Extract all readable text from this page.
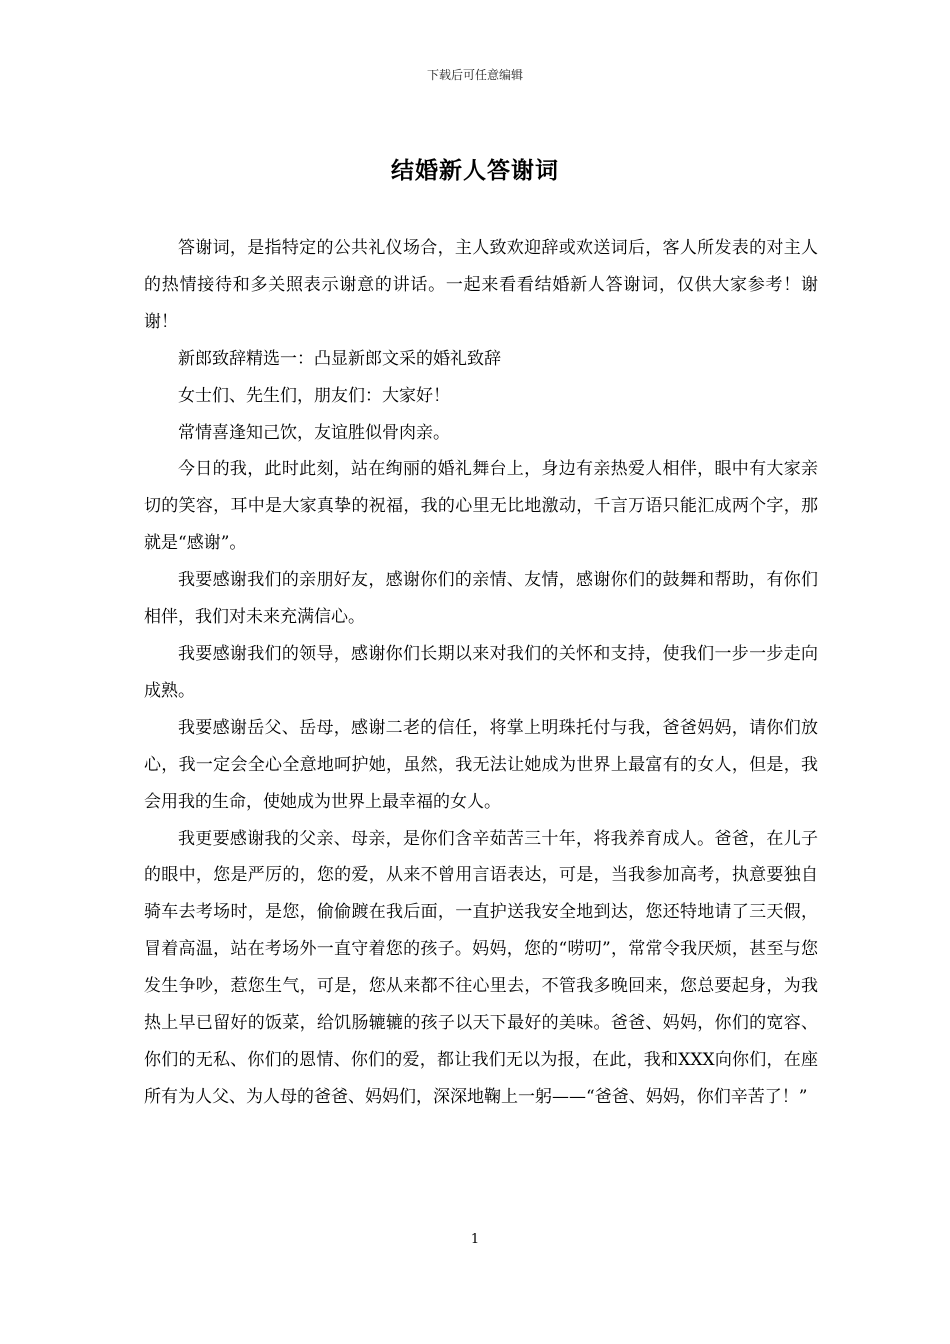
下载后可任意编辑
结婚新人答谢词

答谢词，是指特定的公共礼仪场合，主人致欢迎辞或欢送词后，客人所发表的对主人的热情接待和多关照表示谢意的讲话。一起来看看结婚新人答谢词，仅供大家参考！谢谢！

新郎致辞精选一：凸显新郎文采的婚礼致辞

女士们、先生们，朋友们：大家好！

常情喜逢知己饮，友谊胜似骨肉亲。

今日的我，此时此刻，站在绚丽的婚礼舞台上，身边有亲热爱人相伴，眼中有大家亲切的笑容，耳中是大家真挚的祝福，我的心里无比地激动，千言万语只能汇成两个字，那就是“感谢”。

我要感谢我们的亲朋好友，感谢你们的亲情、友情，感谢你们的鼓舞和帮助，有你们相伴，我们对未来充满信心。

我要感谢我们的领导，感谢你们长期以来对我们的关怀和支持，使我们一步一步走向成熟。

我要感谢岳父、岳母，感谢二老的信任，将掌上明珠托付与我，爸爸妈妈，请你们放心，我一定会全心全意地呵护她，虽然，我无法让她成为世界上最富有的女人，但是，我会用我的生命，使她成为世界上最幸福的女人。

我更要感谢我的父亲、母亲，是你们含辛茹苦三十年，将我养育成人。爸爸，在儿子的眼中，您是严厉的，您的爱，从来不曾用言语表达，可是，当我参加高考，执意要独自骑车去考场时，是您，偷偷踱在我后面，一直护送我安全地到达，您还特地请了三天假，冒着高温，站在考场外一直守着您的孩子。妈妈，您的“唠叨”，常常令我厌烦，甚至与您发生争吵，惹您生气，可是，您从来都不往心里去，不管我多晚回来，您总要起身，为我热上早已留好的饭菜，给饥肠辘辘的孩子以天下最好的美味。爸爸、妈妈，你们的宽容、你们的无私、你们的恩情、你们的爱，都让我们无以为报，在此，我和XXX向你们，在座所有为人父、为人母的爸爸、妈妈们，深深地鞠上一躬——“爸爸、妈妈，你们辛苦了！”

1
